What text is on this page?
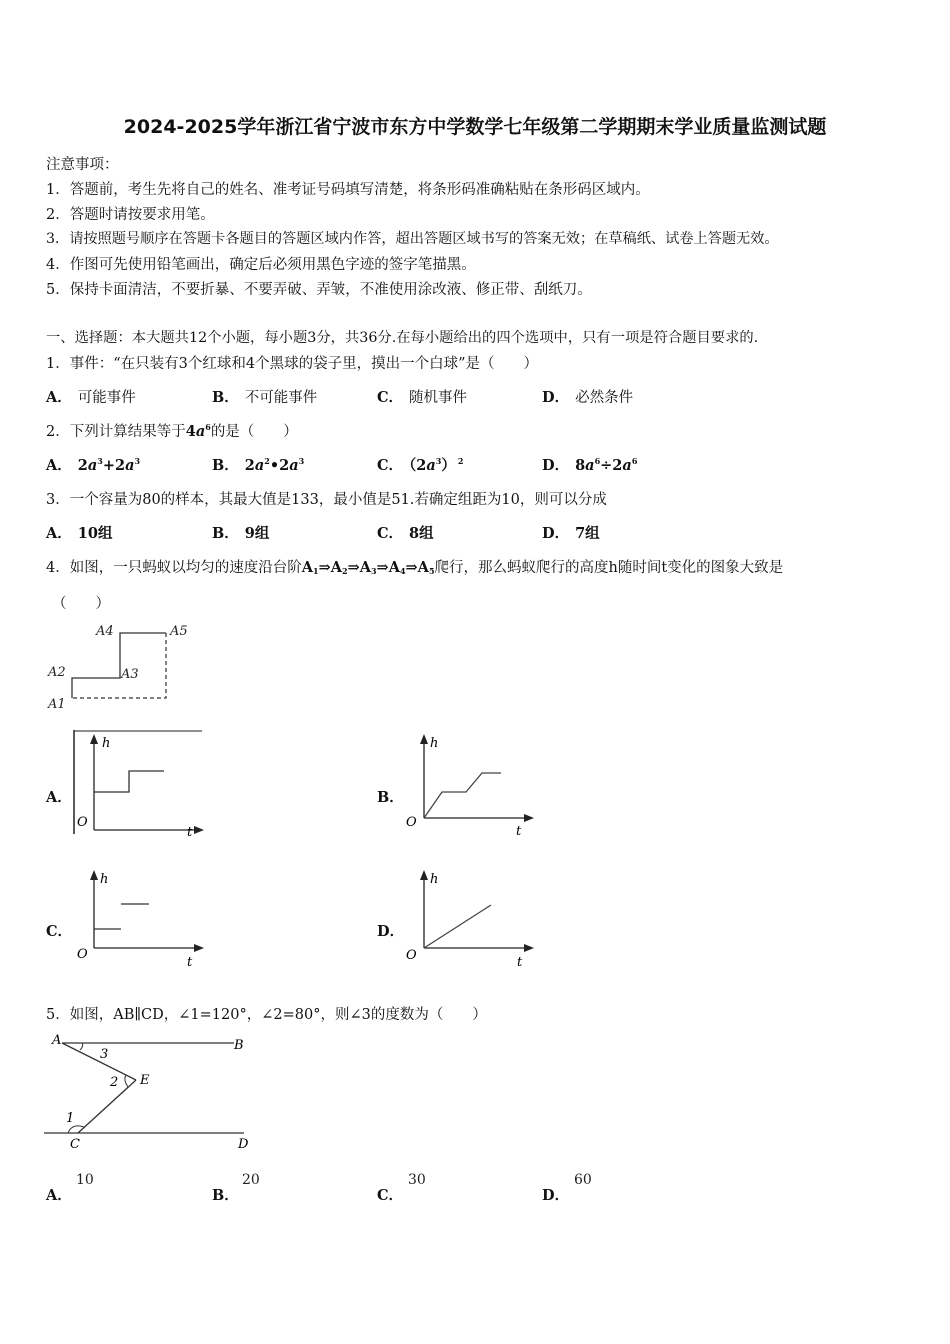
2024-2025学年浙江省宁波市东方中学数学七年级第二学期期末学业质量监测试题
注意事项：
1．答题前，考生先将自己的姓名、准考证号码填写清楚，将条形码准确粘贴在条形码区域内。
2．答题时请按要求用笔。
3．请按照题号顺序在答题卡各题目的答题区域内作答，超出答题区域书写的答案无效；在草稿纸、试卷上答题无效。
4．作图可先使用铅笔画出，确定后必须用黑色字迹的签字笔描黑。
5．保持卡面清洁，不要折暴、不要弄破、弄皱，不准使用涂改液、修正带、刮纸刀。
一、选择题：本大题共12个小题，每小题3分，共36分.在每小题给出的四个选项中，只有一项是符合题目要求的.
1．事件：“在只装有3个红球和4个黑球的袋子里，摸出一个白球”是（　　）
A． 可能事件	B． 不可能事件	C． 随机事件	D． 必然条件
2．下列计算结果等于$4a^6$的是（　　）
A． $2a^3+2a^3$	B． $2a^2•2a^3$	C． $(2a^3)$ $^2$	D． $8a^6\div 2a^6$
3．一个容量为80的样本，其最大值是133，最小值是51.若确定组距为10，则可以分成
A． 10组	B． 9组	C． 8组	D． 7组
4．如图，一只蚂蚁以均匀的速度沿台阶$A_1\Rightarrow A_2\Rightarrow A_3\Rightarrow A_4\Rightarrow A_5$爬行，那么蚂蚁爬行的高度h随时间t变化的图象大致是
（　　）
A4	A5
A2	A3
A1
A．
h
O
t
B．
h
O
t
C．
h
O
t
D．
h
O	t
5．如图，AB∥CD，∠1=120°，∠2=80°，则∠3的度数为（　　）
A	B
C	D
E
1
2
3
A．
10
B．
20
C．
30
D．
60
